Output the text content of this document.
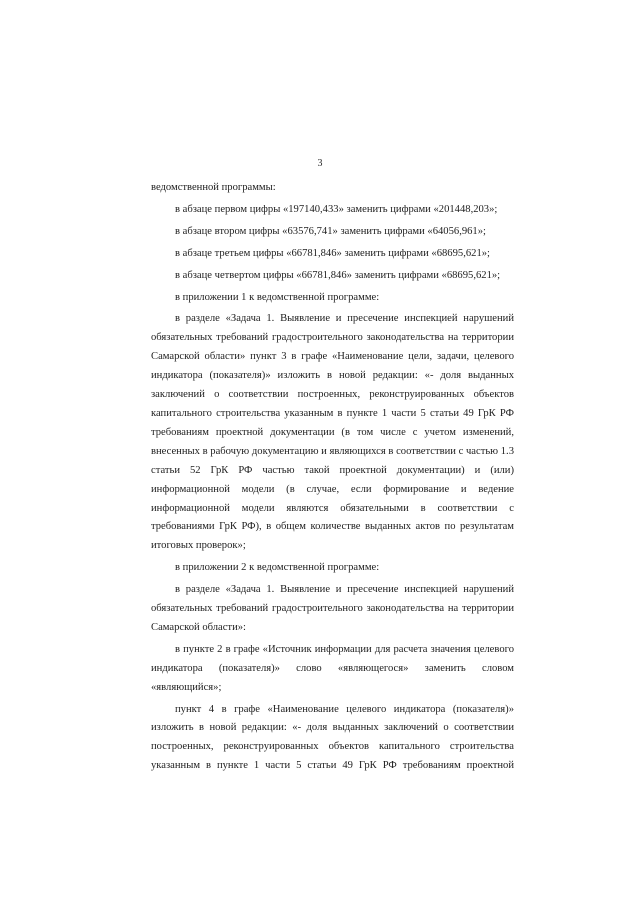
3

ведомственной программы:

в абзаце первом цифры «197140,433» заменить цифрами «201448,203»;

в абзаце втором цифры «63576,741» заменить цифрами «64056,961»;

в абзаце третьем цифры «66781,846» заменить цифрами «68695,621»;

в абзаце четвертом цифры «66781,846» заменить цифрами «68695,621»;

в приложении 1 к ведомственной программе:

в разделе «Задача 1. Выявление и пресечение инспекцией нарушений обязательных требований градостроительного законодательства на территории Самарской области» пункт 3 в графе «Наименование цели, задачи, целевого индикатора (показателя)» изложить в новой редакции: «- доля выданных заключений о соответствии построенных, реконструированных объектов капитального строительства указанным в пункте 1 части 5 статьи 49 ГрК РФ требованиям проектной документации (в том числе с учетом изменений, внесенных в рабочую документацию и являющихся в соответствии с частью 1.3 статьи 52 ГрК РФ частью такой проектной документации) и (или) информационной модели (в случае, если формирование и ведение информационной модели являются обязательными в соответствии с требованиями ГрК РФ), в общем количестве выданных актов по результатам итоговых проверок»;

в приложении 2 к ведомственной программе:

в разделе «Задача 1. Выявление и пресечение инспекцией нарушений обязательных требований градостроительного законодательства на территории Самарской области»:

в пункте 2 в графе «Источник информации для расчета значения целевого индикатора (показателя)» слово «являющегося» заменить словом «являющийся»;

пункт 4 в графе «Наименование целевого индикатора (показателя)» изложить в новой редакции: «- доля выданных заключений о соответствии построенных, реконструированных объектов капитального строительства указанным в пункте 1 части 5 статьи 49 ГрК РФ требованиям проектной
